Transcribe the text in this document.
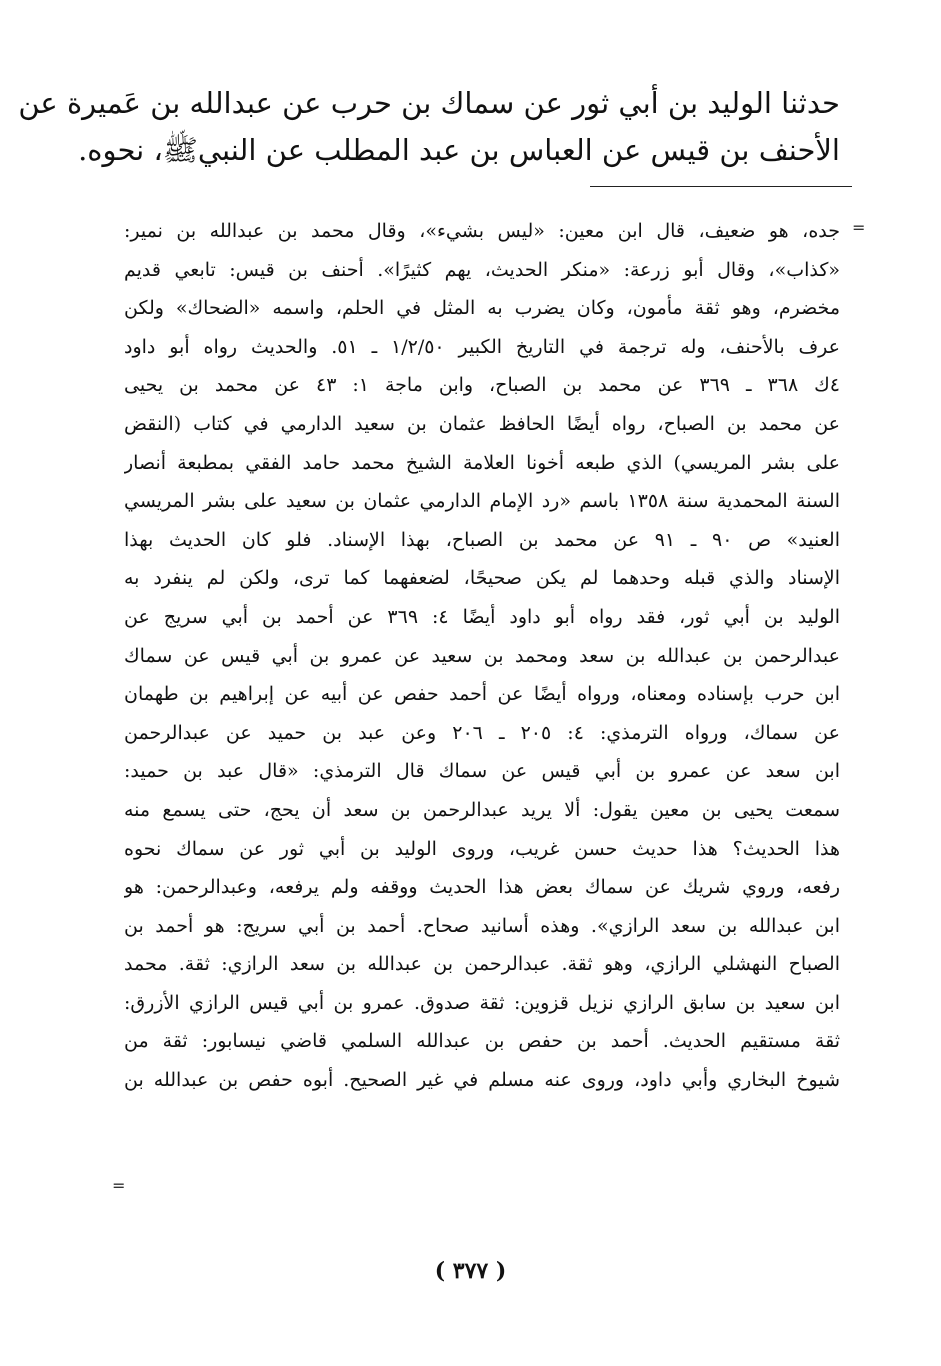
حدثنا الوليد بن أبي ثور عن سماك بن حرب عن عبدالله بن عَميرة عن
الأحنف بن قيس عن العباس بن عبد المطلب عن النبيﷺ، نحوه.
=
جده، هو ضعيف، قال ابن معين: «ليس بشيء»، وقال محمد بن عبدالله بن نمير:
«كذاب»، وقال أبو زرعة: «منكر الحديث، يهم كثيرًا». أحنف بن قيس: تابعي قديم
مخضرم، وهو ثقة مأمون، وكان يضرب به المثل في الحلم، واسمه «الضحاك» ولكن
عرف بالأحنف، وله ترجمة في التاريخ الكبير ١/٢/٥٠ ـ ٥١. والحديث رواه أبو داود
٤ك ٣٦٨ ـ ٣٦٩ عن محمد بن الصباح، وابن ماجة ١: ٤٣ عن محمد بن يحيى
عن محمد بن الصباح، رواه أيضًا الحافظ عثمان بن سعيد الدارمي في كتاب (النقض
على بشر المريسي) الذي طبعه أخونا العلامة الشيخ محمد حامد الفقي بمطبعة أنصار
السنة المحمدية سنة ١٣٥٨ باسم «رد الإمام الدارمي عثمان بن سعيد على بشر المريسي
العنيد» ص ٩٠ ـ ٩١ عن محمد بن الصباح، بهذا الإسناد. فلو كان الحديث بهذا
الإسناد والذي قبله وحدهما لم يكن صحيحًا، لضعفهما كما ترى، ولكن لم ينفرد به
الوليد بن أبي ثور، فقد رواه أبو داود أيضًا ٤: ٣٦٩ عن أحمد بن أبي سريج عن
عبدالرحمن بن عبدالله بن سعد ومحمد بن سعيد عن عمرو بن أبي قيس عن سماك
ابن حرب بإسناده ومعناه، ورواه أيضًا عن أحمد حفص عن أبيه عن إبراهيم بن طهمان
عن سماك، ورواه الترمذي: ٤: ٢٠٥ ـ ٢٠٦ وعن عبد بن حميد عن عبدالرحمن
ابن سعد عن عمرو بن أبي قيس عن سماك قال الترمذي: «قال عبد بن حميد:
سمعت يحيى بن معين يقول: ألا يريد عبدالرحمن بن سعد أن يحج، حتى يسمع منه
هذا الحديث؟ هذا حديث حسن غريب، وروى الوليد بن أبي ثور عن سماك نحوه
رفعه، وروي شريك عن سماك بعض هذا الحديث ووقفه ولم يرفعه، وعبدالرحمن: هو
ابن عبدالله بن سعد الرازي». وهذه أسانيد صحاح. أحمد بن أبي سريج: هو أحمد بن
الصباح النهشلي الرازي، وهو ثقة. عبدالرحمن بن عبدالله بن سعد الرازي: ثقة. محمد
ابن سعيد بن سابق الرازي نزيل قزوين: ثقة صدوق. عمرو بن أبي قيس الرازي الأزرق:
ثقة مستقيم الحديث. أحمد بن حفص بن عبدالله السلمي قاضي نيسابور: ثقة من
شيوخ البخاري وأبي داود، وروى عنه مسلم في غير الصحيح. أبوه حفص بن عبدالله بن
=
( ٣٧٧ )
